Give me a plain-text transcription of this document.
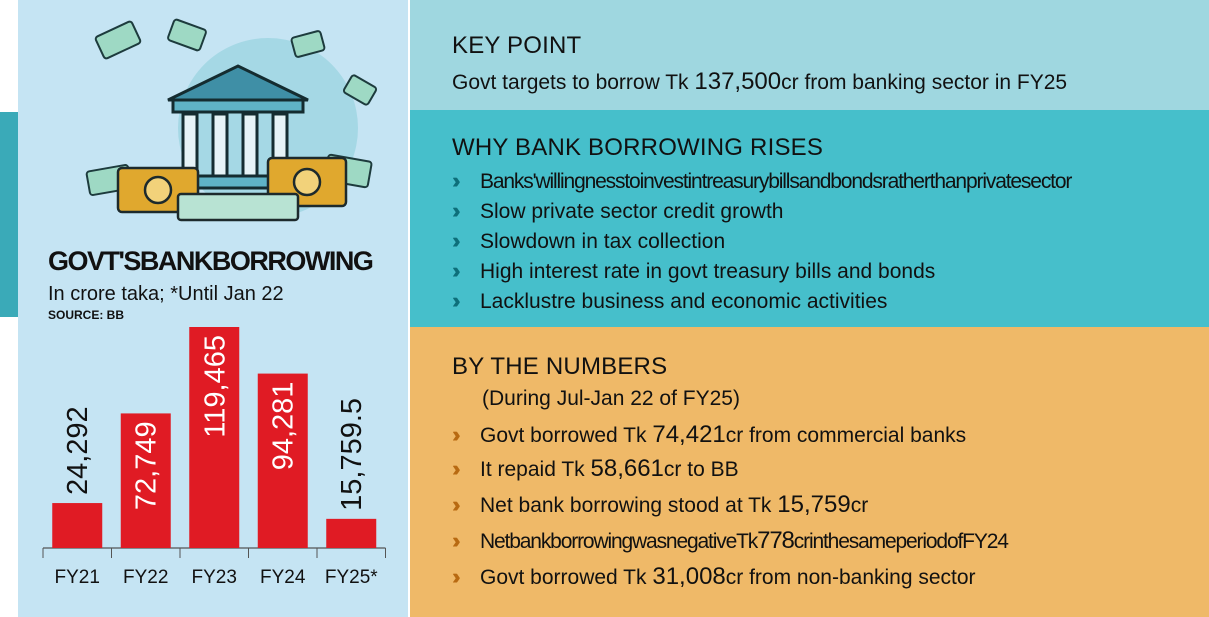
GOVT'SBANKBORROWING
In crore taka; *Until Jan 22
SOURCE: BB
24,292
FY21
72,749
FY22
119,465
FY23
94,281
FY24
15,759.5
FY25*
KEY POINT
Govt targets to borrow Tk 137,500cr from banking sector in FY25
WHY BANK BORROWING RISES
›› Banks'willingnesstoinvestintreasurybillsandbondsratherthanprivatesector
›› Slow private sector credit growth
›› Slowdown in tax collection
›› High interest rate in govt treasury bills and bonds
›› Lacklustre business and economic activities
BY THE NUMBERS
(During Jul-Jan 22 of FY25)
›› Govt borrowed Tk 74,421cr from commercial banks
›› It repaid Tk 58,661cr to BB
›› Net bank borrowing stood at Tk 15,759cr
›› NetbankborrowingwasnegativeTk778crinthesameperiodofFY24
›› Govt borrowed Tk 31,008cr from non-banking sector
